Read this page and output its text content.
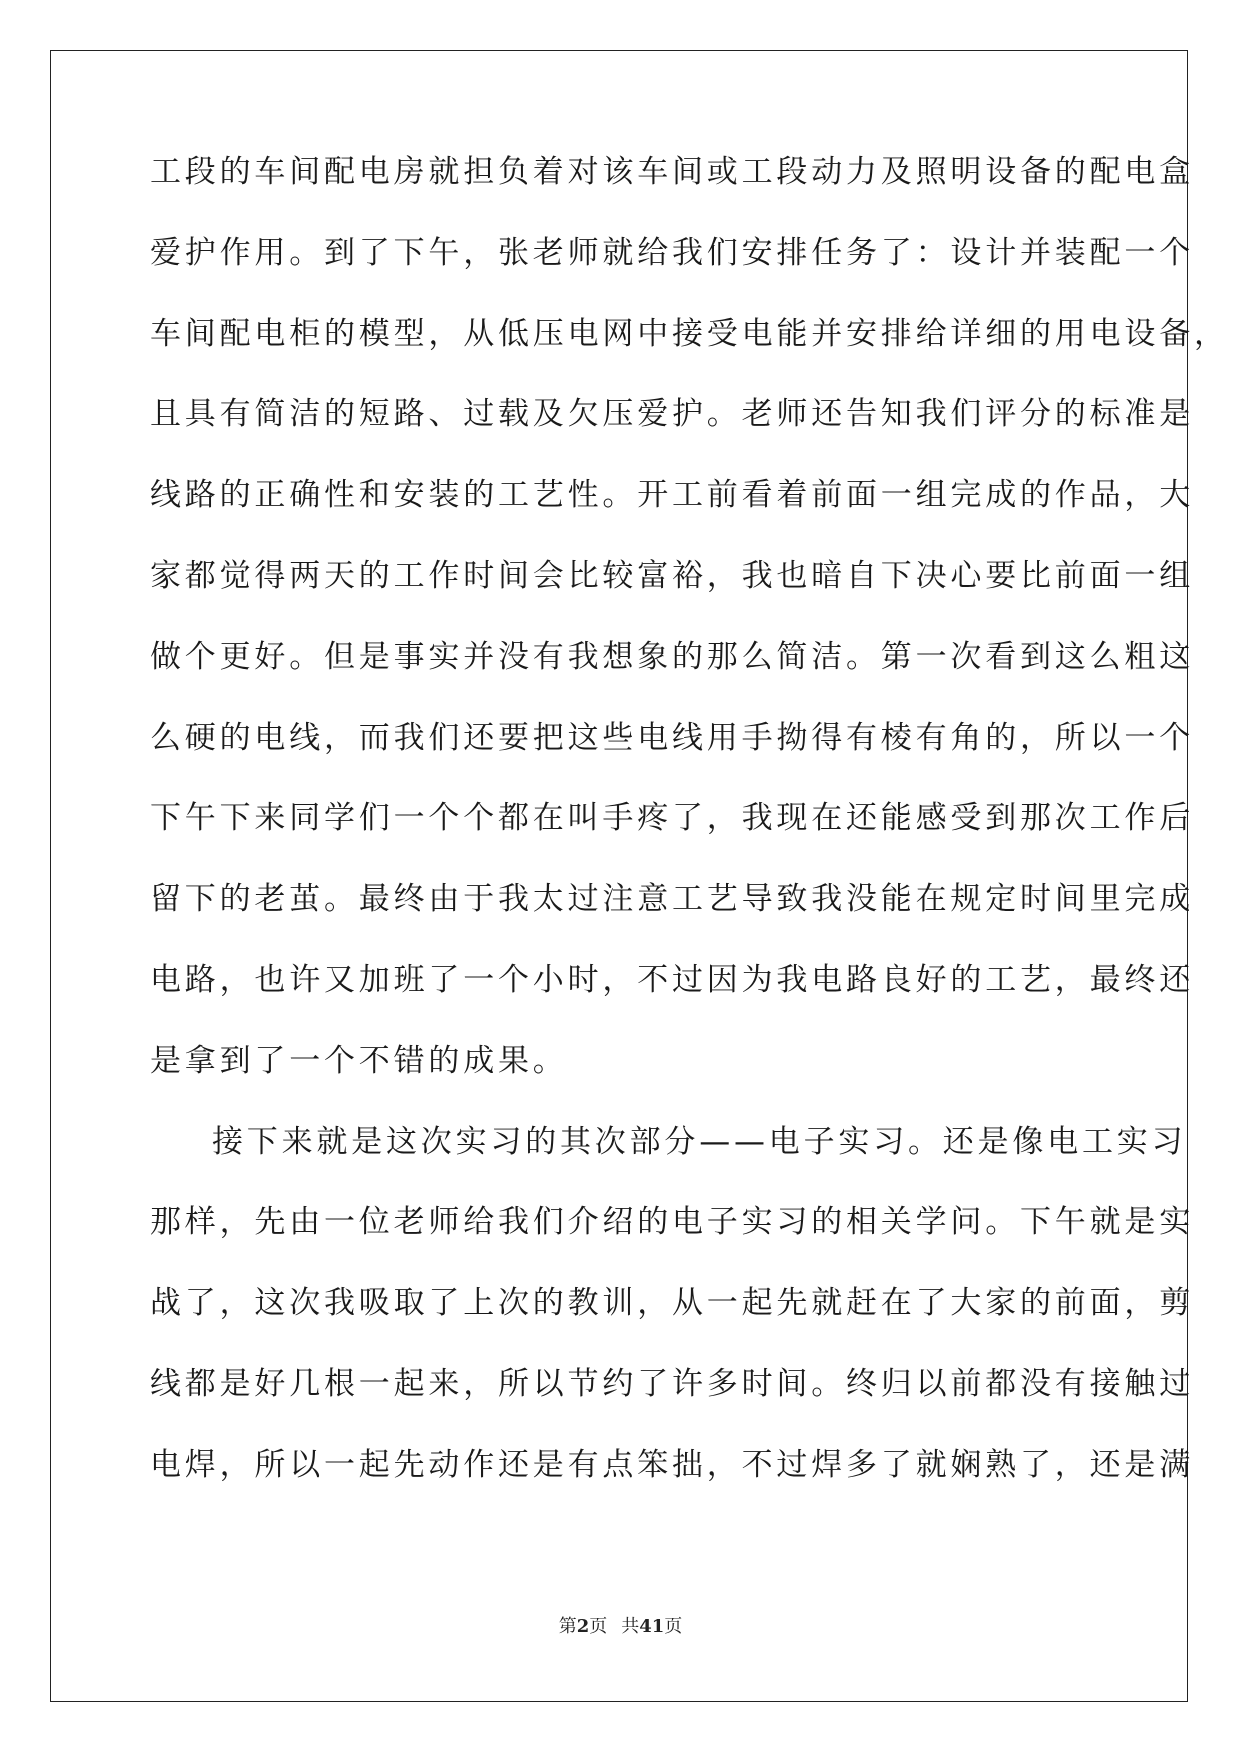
工段的车间配电房就担负着对该车间或工段动力及照明设备的配电盒
爱护作用。到了下午，张老师就给我们安排任务了：设计并装配一个
车间配电柜的模型，从低压电网中接受电能并安排给详细的用电设备，
且具有简洁的短路、过载及欠压爱护。老师还告知我们评分的标准是
线路的正确性和安装的工艺性。开工前看着前面一组完成的作品，大
家都觉得两天的工作时间会比较富裕，我也暗自下决心要比前面一组
做个更好。但是事实并没有我想象的那么简洁。第一次看到这么粗这
么硬的电线，而我们还要把这些电线用手拗得有棱有角的，所以一个
下午下来同学们一个个都在叫手疼了，我现在还能感受到那次工作后
留下的老茧。最终由于我太过注意工艺导致我没能在规定时间里完成
电路，也许又加班了一个小时，不过因为我电路良好的工艺，最终还
是拿到了一个不错的成果。
接下来就是这次实习的其次部分——电子实习。还是像电工实习
那样，先由一位老师给我们介绍的电子实习的相关学问。下午就是实
战了，这次我吸取了上次的教训，从一起先就赶在了大家的前面，剪
线都是好几根一起来，所以节约了许多时间。终归以前都没有接触过
电焊，所以一起先动作还是有点笨拙，不过焊多了就娴熟了，还是满
第2页 共41页
